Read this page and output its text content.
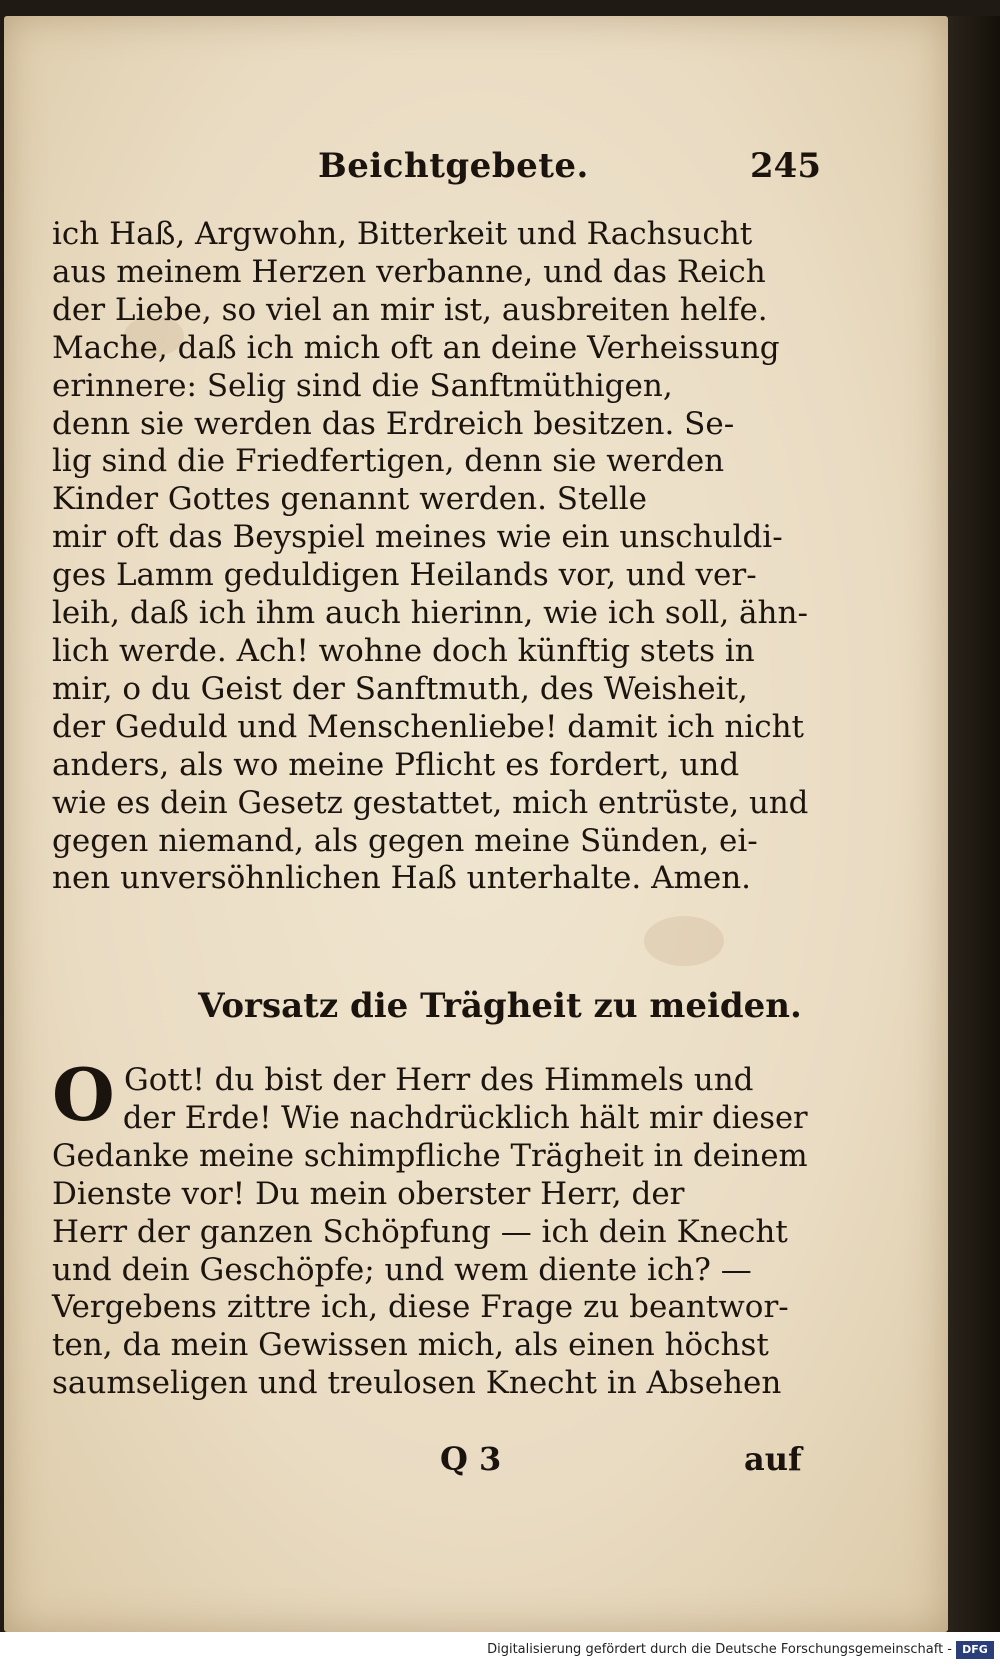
Beichtgebete.	245
ich Haß, Argwohn, Bitterkeit und Rachsucht
aus meinem Herzen verbanne, und das Reich
der Liebe, so viel an mir ist, ausbreiten helfe.
Mache, daß ich mich oft an deine Verheissung
erinnere: Selig sind die Sanftmüthigen,
denn sie werden das Erdreich besitzen. Se-
lig sind die Friedfertigen, denn sie werden
Kinder Gottes genannt werden. Stelle
mir oft das Beyspiel meines wie ein unschuldi-
ges Lamm geduldigen Heilands vor, und ver-
leih, daß ich ihm auch hierinn, wie ich soll, ähn-
lich werde. Ach! wohne doch künftig stets in
mir, o du Geist der Sanftmuth, des Weisheit,
der Geduld und Menschenliebe! damit ich nicht
anders, als wo meine Pflicht es fordert, und
wie es dein Gesetz gestattet, mich entrüste, und
gegen niemand, als gegen meine Sünden, ei-
nen unversöhnlichen Haß unterhalte. Amen.
Vorsatz die Trägheit zu meiden.
O Gott! du bist der Herr des Himmels und
der Erde! Wie nachdrücklich hält mir dieser
Gedanke meine schimpfliche Trägheit in deinem
Dienste vor! Du mein oberster Herr, der
Herr der ganzen Schöpfung — ich dein Knecht
und dein Geschöpfe; und wem diente ich? —
Vergebens zittre ich, diese Frage zu beantwor-
ten, da mein Gewissen mich, als einen höchst
saumseligen und treulosen Knecht in Absehen
Q 3	auf
Digitalisierung gefördert durch die Deutsche Forschungsgemeinschaft - DFG
